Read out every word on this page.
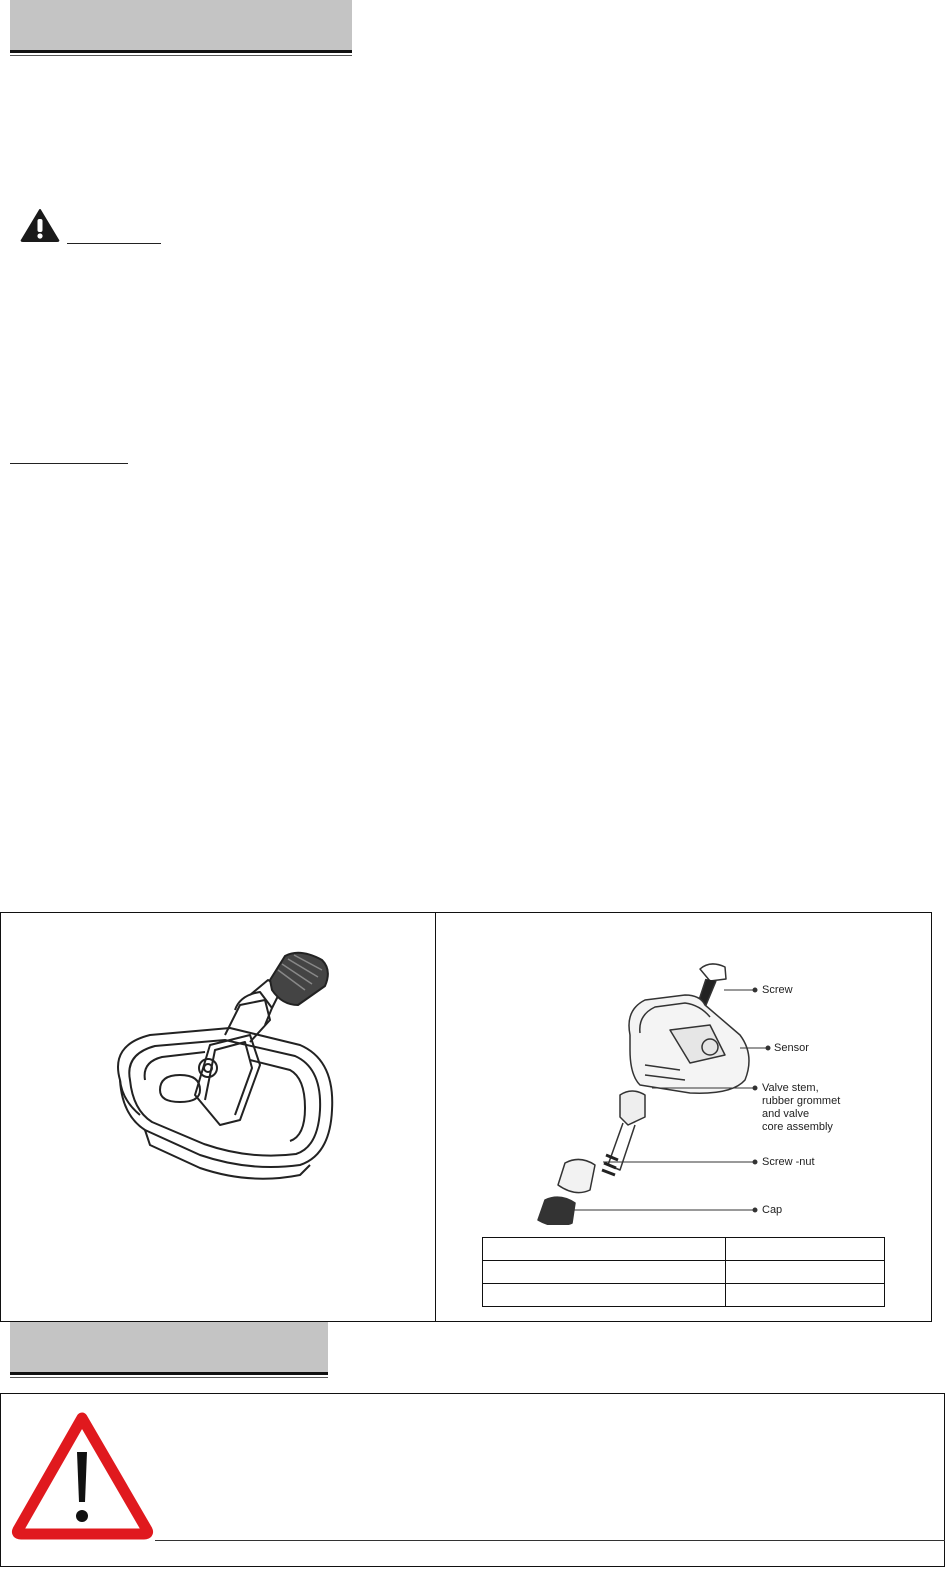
Screw
Sensor
Valve stem,
rubber grommet
and valve
core assembly
Screw -nut
Cap
